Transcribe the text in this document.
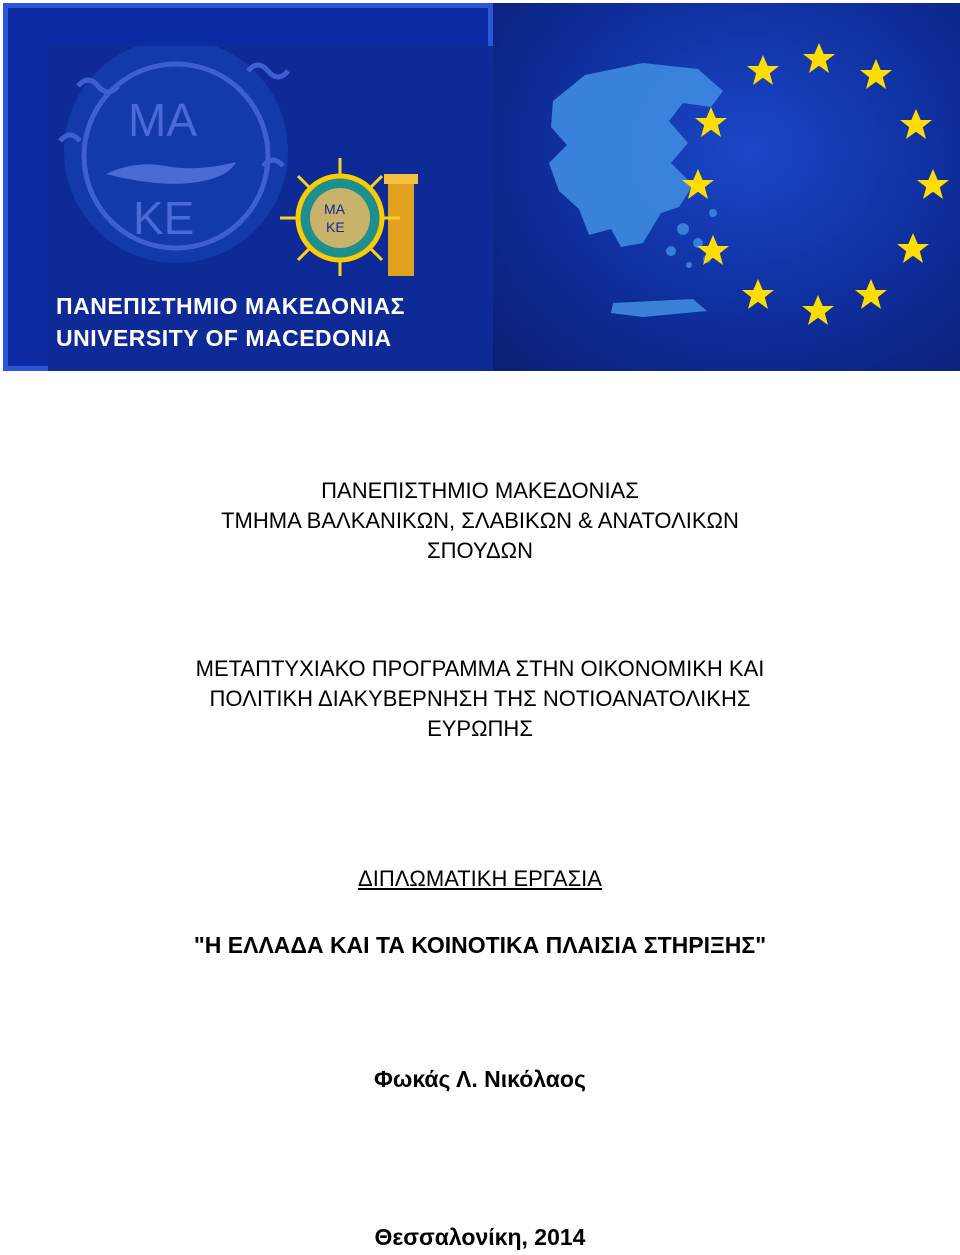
ΜΑ
ΚΕ	ΜΑ
ΚΕ
ΠΑΝΕΠΙΣΤΗΜΙΟ ΜΑΚΕΔΟΝΙΑΣ
UNIVERSITY OF MACEDONIA
ΠΑΝΕΠΙΣΤΗΜΙΟ ΜΑΚΕΔΟΝΙΑΣ
ΤΜΗΜΑ ΒΑΛΚΑΝΙΚΩΝ, ΣΛΑΒΙΚΩΝ & ΑΝΑΤΟΛΙΚΩΝ
ΣΠΟΥΔΩΝ
ΜΕΤΑΠΤΥΧΙΑΚΟ ΠΡΟΓΡΑΜΜΑ ΣΤΗΝ ΟΙΚΟΝΟΜΙΚΗ ΚΑΙ
ΠΟΛΙΤΙΚΗ ΔΙΑΚΥΒΕΡΝΗΣΗ ΤΗΣ ΝΟΤΙΟΑΝΑΤΟΛΙΚΗΣ
ΕΥΡΩΠΗΣ
ΔΙΠΛΩΜΑΤΙΚΗ ΕΡΓΑΣΙΑ
"Η ΕΛΛΑΔΑ ΚΑΙ ΤΑ ΚΟΙΝΟΤΙΚΑ ΠΛΑΙΣΙΑ ΣΤΗΡΙΞΗΣ"
Φωκάς Λ. Νικόλαος
Θεσσαλονίκη, 2014
